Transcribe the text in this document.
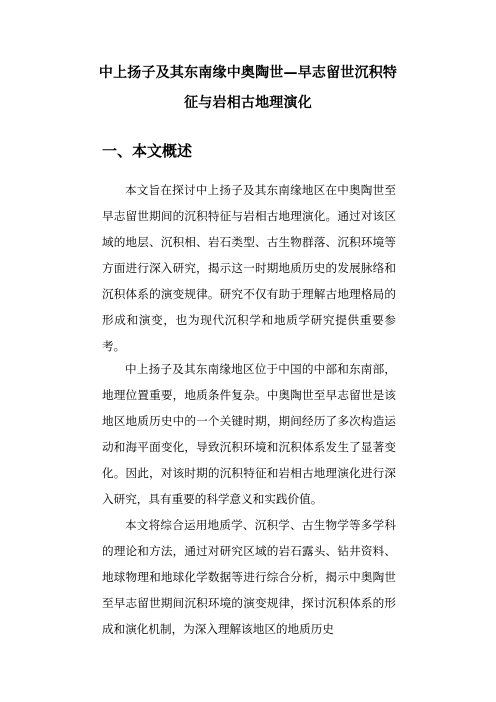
中上扬子及其东南缘中奥陶世—早志留世沉积特
征与岩相古地理演化
一、本文概述

本文旨在探讨中上扬子及其东南缘地区在中奥陶世至早志留世期间的沉积特征与岩相古地理演化。通过对该区域的地层、沉积相、岩石类型、古生物群落、沉积环境等方面进行深入研究，揭示这一时期地质历史的发展脉络和沉积体系的演变规律。研究不仅有助于理解古地理格局的形成和演变，也为现代沉积学和地质学研究提供重要参考。

中上扬子及其东南缘地区位于中国的中部和东南部，地理位置重要，地质条件复杂。中奥陶世至早志留世是该地区地质历史中的一个关键时期，期间经历了多次构造运动和海平面变化，导致沉积环境和沉积体系发生了显著变化。因此，对该时期的沉积特征和岩相古地理演化进行深入研究，具有重要的科学意义和实践价值。

本文将综合运用地质学、沉积学、古生物学等多学科的理论和方法，通过对研究区域的岩石露头、钻井资料、地球物理和地球化学数据等进行综合分析，揭示中奥陶世至早志留世期间沉积环境的演变规律，探讨沉积体系的形成和演化机制，为深入理解该地区的地质历史
